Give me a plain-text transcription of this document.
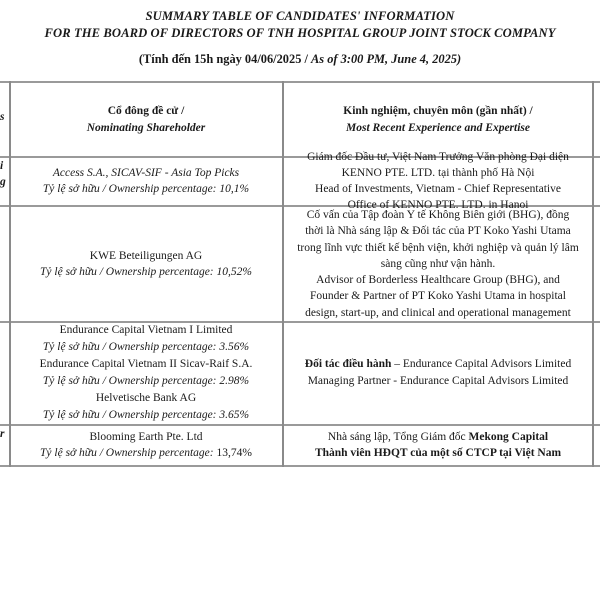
SUMMARY TABLE OF CANDIDATES' INFORMATION
FOR THE BOARD OF DIRECTORS OF TNH HOSPITAL GROUP JOINT STOCK COMPANY
(Tính đến 15h ngày 04/06/2025 / As of 3:00 PM, June 4, 2025)
s	Cổ đông đề cử /
Nominating Shareholder
Kinh nghiệm, chuyên môn (gần nhất) /
Most Recent Experience and Expertise
i
g
Access S.A., SICAV-SIF - Asia Top Picks
Tỷ lệ sở hữu / Ownership percentage: 10,1%
Giám đốc Đầu tư, Việt Nam Trưởng Văn phòng Đại diện
KENNO PTE. LTD. tại thành phố Hà Nội
Head of Investments, Vietnam - Chief Representative
Office of KENNO PTE. LTD. in Hanoi
KWE Beteiligungen AG
Tỷ lệ sở hữu / Ownership percentage: 10,52%
Cố vấn của Tập đoàn Y tế Không Biên giới (BHG), đồng
thời là Nhà sáng lập & Đối tác của PT Koko Yashi Utama
trong lĩnh vực thiết kế bệnh viện, khởi nghiệp và quản lý lâm
sàng cũng như vận hành.
Advisor of Borderless Healthcare Group (BHG), and
Founder & Partner of PT Koko Yashi Utama in hospital
design, start-up, and clinical and operational management
Endurance Capital Vietnam I Limited
Tỷ lệ sở hữu / Ownership percentage: 3.56%
Endurance Capital Vietnam II Sicav-Raif S.A.
Tỷ lệ sở hữu / Ownership percentage: 2.98%
Helvetische Bank AG
Tỷ lệ sở hữu / Ownership percentage: 3.65%
Đối tác điều hành – Endurance Capital Advisors Limited
Managing Partner - Endurance Capital Advisors Limited
r	Blooming Earth Pte. Ltd
Tỷ lệ sở hữu / Ownership percentage: 13,74%
Nhà sáng lập, Tổng Giám đốc Mekong Capital
Thành viên HĐQT của một số CTCP tại Việt Nam
